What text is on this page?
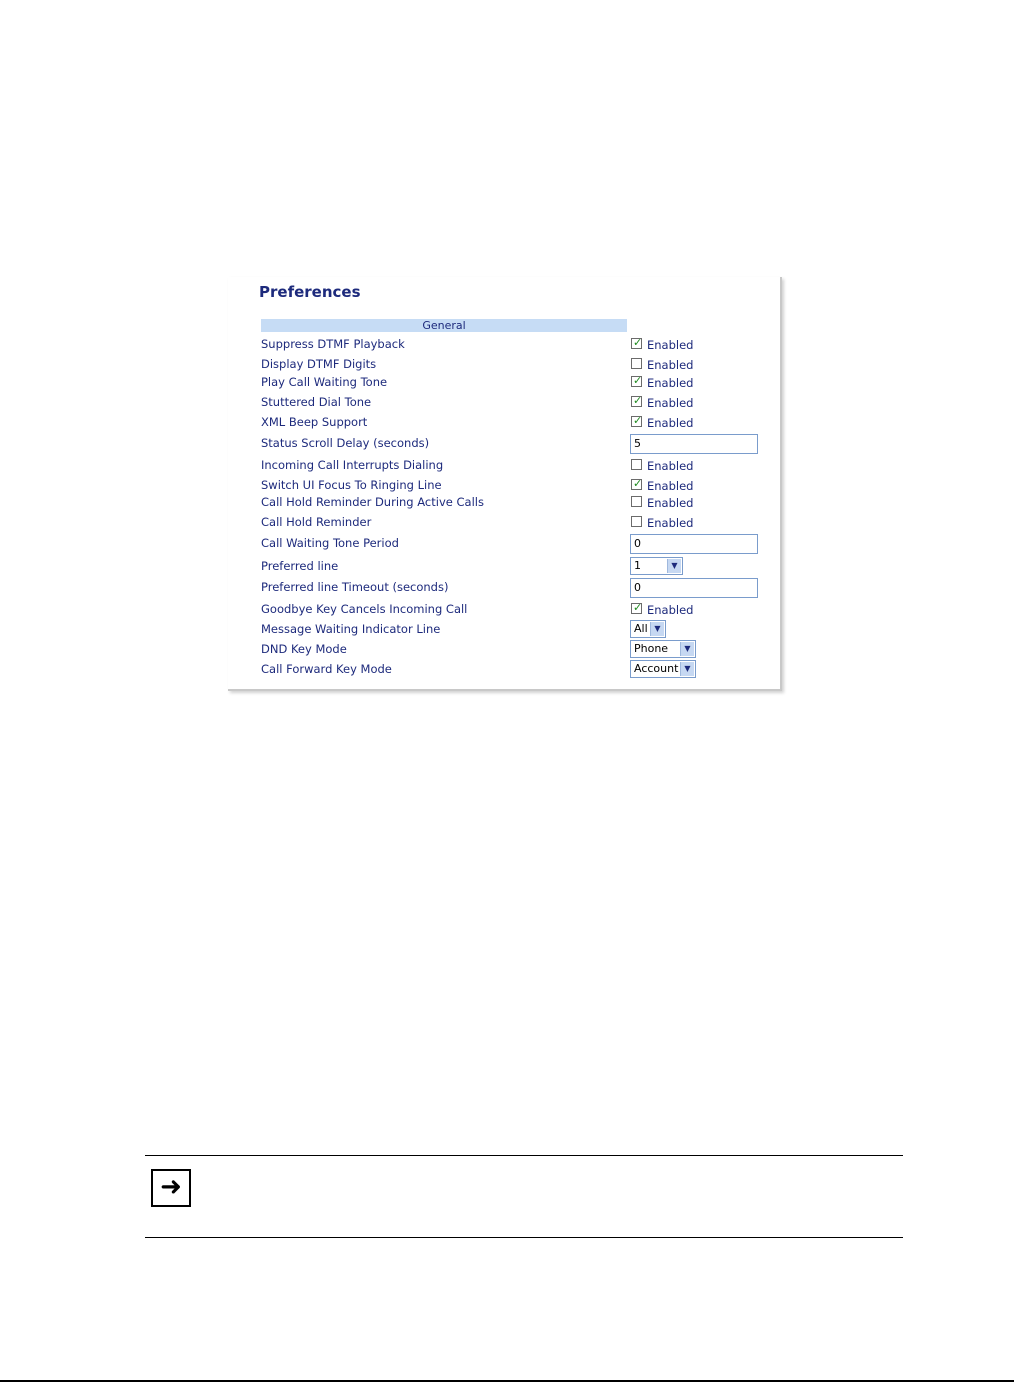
Preferences
General
Suppress DTMF Playback	✓ Enabled
Display DTMF Digits	Enabled
Play Call Waiting Tone	✓ Enabled
Stuttered Dial Tone	✓ Enabled
XML Beep Support	✓ Enabled
Status Scroll Delay (seconds)	5
Incoming Call Interrupts Dialing	Enabled
Switch UI Focus To Ringing Line	✓ Enabled
Call Hold Reminder During Active Calls	Enabled
Call Hold Reminder	Enabled
Call Waiting Tone Period	0
Preferred line	1	▼
Preferred line Timeout (seconds)	0
Goodbye Key Cancels Incoming Call	✓ Enabled
Message Waiting Indicator Line	All ▼
DND Key Mode	Phone	▼
Call Forward Key Mode	Account ▼
➜
